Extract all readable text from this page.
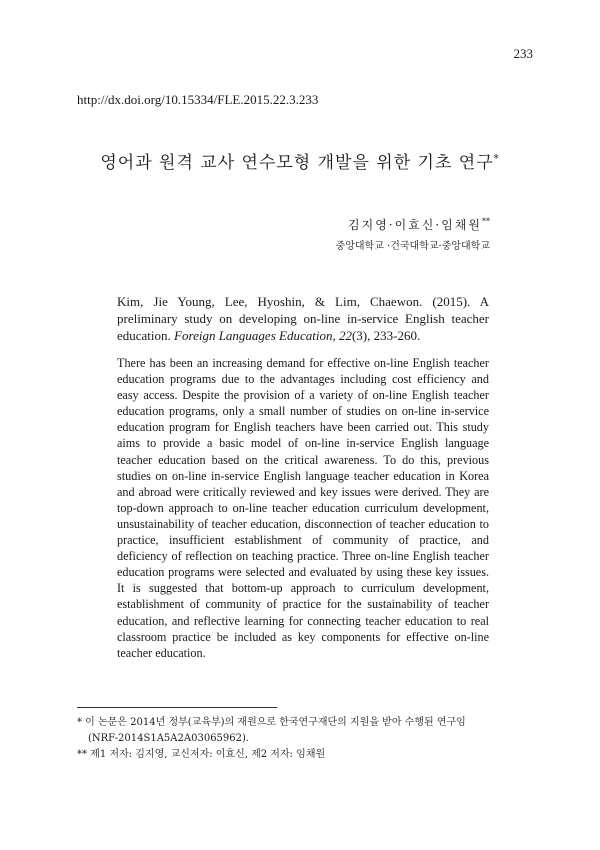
233
http://dx.doi.org/10.15334/FLE.2015.22.3.233
영어과 원격 교사 연수모형 개발을 위한 기초 연구*
김지영·이효신·임채원**
중앙대학교 ·건국대학교·중앙대학교
Kim, Jie Young, Lee, Hyoshin, & Lim, Chaewon. (2015). A preliminary study on developing on-line in-service English teacher education. Foreign Languages Education, 22(3), 233-260.

There has been an increasing demand for effective on-line English teacher education programs due to the advantages including cost efficiency and easy access. Despite the provision of a variety of on-line English teacher education programs, only a small number of studies on on-line in-service education program for English teachers have been carried out. This study aims to provide a basic model of on-line in-service English language teacher education based on the critical awareness. To do this, previous studies on on-line in-service English language teacher education in Korea and abroad were critically reviewed and key issues were derived. They are top-down approach to on-line teacher education curriculum development, unsustainability of teacher education, disconnection of teacher education to practice, insufficient establishment of community of practice, and deficiency of reflection on teaching practice. Three on-line English teacher education programs were selected and evaluated by using these key issues. It is suggested that bottom-up approach to curriculum development, establishment of community of practice for the sustainability of teacher education, and reflective learning for connecting teacher education to real classroom practice be included as key components for effective on-line teacher education.

* 이 논문은 2014년 정부(교육부)의 재원으로 한국연구재단의 지원을 받아 수행된 연구임
(NRF-2014S1A5A2A03065962).
** 제1 저자: 김지영, 교신저자: 이효신, 제2 저자: 임채원
